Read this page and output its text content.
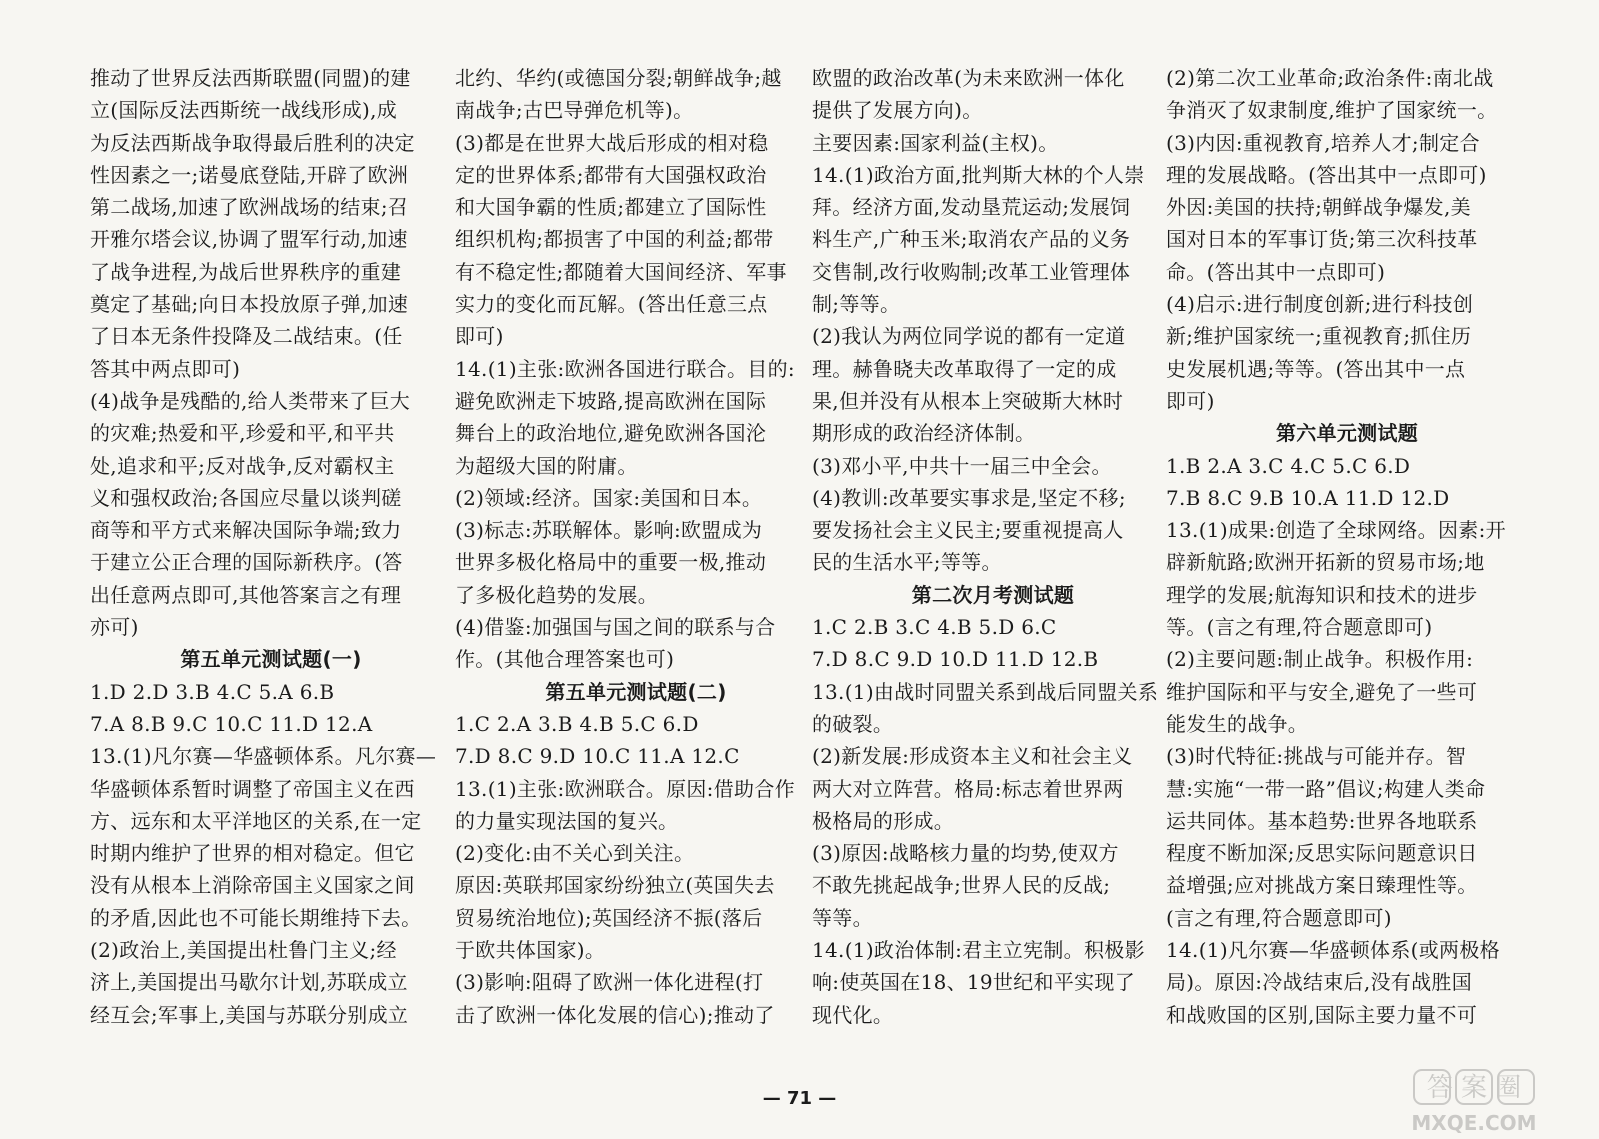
推动了世界反法西斯联盟(同盟)的建
立(国际反法西斯统一战线形成),成
为反法西斯战争取得最后胜利的决定
性因素之一;诺曼底登陆,开辟了欧洲
第二战场,加速了欧洲战场的结束;召
开雅尔塔会议,协调了盟军行动,加速
了战争进程,为战后世界秩序的重建
奠定了基础;向日本投放原子弹,加速
了日本无条件投降及二战结束。(任
答其中两点即可)
(4)战争是残酷的,给人类带来了巨大
的灾难;热爱和平,珍爱和平,和平共
处,追求和平;反对战争,反对霸权主
义和强权政治;各国应尽量以谈判磋
商等和平方式来解决国际争端;致力
于建立公正合理的国际新秩序。(答
出任意两点即可,其他答案言之有理
亦可)
第五单元测试题(一)
1.D 2.D 3.B 4.C 5.A 6.B
7.A 8.B 9.C 10.C 11.D 12.A
13.(1)凡尔赛—华盛顿体系。凡尔赛—
华盛顿体系暂时调整了帝国主义在西
方、远东和太平洋地区的关系,在一定
时期内维护了世界的相对稳定。但它
没有从根本上消除帝国主义国家之间
的矛盾,因此也不可能长期维持下去。
(2)政治上,美国提出杜鲁门主义;经
济上,美国提出马歇尔计划,苏联成立
经互会;军事上,美国与苏联分别成立
北约、华约(或德国分裂;朝鲜战争;越
南战争;古巴导弹危机等)。
(3)都是在世界大战后形成的相对稳
定的世界体系;都带有大国强权政治
和大国争霸的性质;都建立了国际性
组织机构;都损害了中国的利益;都带
有不稳定性;都随着大国间经济、军事
实力的变化而瓦解。(答出任意三点
即可)
14.(1)主张:欧洲各国进行联合。目的:
避免欧洲走下坡路,提高欧洲在国际
舞台上的政治地位,避免欧洲各国沦
为超级大国的附庸。
(2)领域:经济。国家:美国和日本。
(3)标志:苏联解体。影响:欧盟成为
世界多极化格局中的重要一极,推动
了多极化趋势的发展。
(4)借鉴:加强国与国之间的联系与合
作。(其他合理答案也可)
第五单元测试题(二)
1.C 2.A 3.B 4.B 5.C 6.D
7.D 8.C 9.D 10.C 11.A 12.C
13.(1)主张:欧洲联合。原因:借助合作
的力量实现法国的复兴。
(2)变化:由不关心到关注。
原因:英联邦国家纷纷独立(英国失去
贸易统治地位);英国经济不振(落后
于欧共体国家)。
(3)影响:阻碍了欧洲一体化进程(打
击了欧洲一体化发展的信心);推动了
欧盟的政治改革(为未来欧洲一体化
提供了发展方向)。
主要因素:国家利益(主权)。
14.(1)政治方面,批判斯大林的个人崇
拜。经济方面,发动垦荒运动;发展饲
料生产,广种玉米;取消农产品的义务
交售制,改行收购制;改革工业管理体
制;等等。
(2)我认为两位同学说的都有一定道
理。赫鲁晓夫改革取得了一定的成
果,但并没有从根本上突破斯大林时
期形成的政治经济体制。
(3)邓小平,中共十一届三中全会。
(4)教训:改革要实事求是,坚定不移;
要发扬社会主义民主;要重视提高人
民的生活水平;等等。
第二次月考测试题
1.C 2.B 3.C 4.B 5.D 6.C
7.D 8.C 9.D 10.D 11.D 12.B
13.(1)由战时同盟关系到战后同盟关系
的破裂。
(2)新发展:形成资本主义和社会主义
两大对立阵营。格局:标志着世界两
极格局的形成。
(3)原因:战略核力量的均势,使双方
不敢先挑起战争;世界人民的反战;
等等。
14.(1)政治体制:君主立宪制。积极影
响:使英国在18、19世纪和平实现了
现代化。
(2)第二次工业革命;政治条件:南北战
争消灭了奴隶制度,维护了国家统一。
(3)内因:重视教育,培养人才;制定合
理的发展战略。(答出其中一点即可)
外因:美国的扶持;朝鲜战争爆发,美
国对日本的军事订货;第三次科技革
命。(答出其中一点即可)
(4)启示:进行制度创新;进行科技创
新;维护国家统一;重视教育;抓住历
史发展机遇;等等。(答出其中一点
即可)
第六单元测试题
1.B 2.A 3.C 4.C 5.C 6.D
7.B 8.C 9.B 10.A 11.D 12.D
13.(1)成果:创造了全球网络。因素:开
辟新航路;欧洲开拓新的贸易市场;地
理学的发展;航海知识和技术的进步
等。(言之有理,符合题意即可)
(2)主要问题:制止战争。积极作用:
维护国际和平与安全,避免了一些可
能发生的战争。
(3)时代特征:挑战与可能并存。智
慧:实施“一带一路”倡议;构建人类命
运共同体。基本趋势:世界各地联系
程度不断加深;反思实际问题意识日
益增强;应对挑战方案日臻理性等。
(言之有理,符合题意即可)
14.(1)凡尔赛—华盛顿体系(或两极格
局)。原因:冷战结束后,没有战胜国
和战败国的区别,国际主要力量不可
— 71 —	答 案 圈
MXQE.COM
